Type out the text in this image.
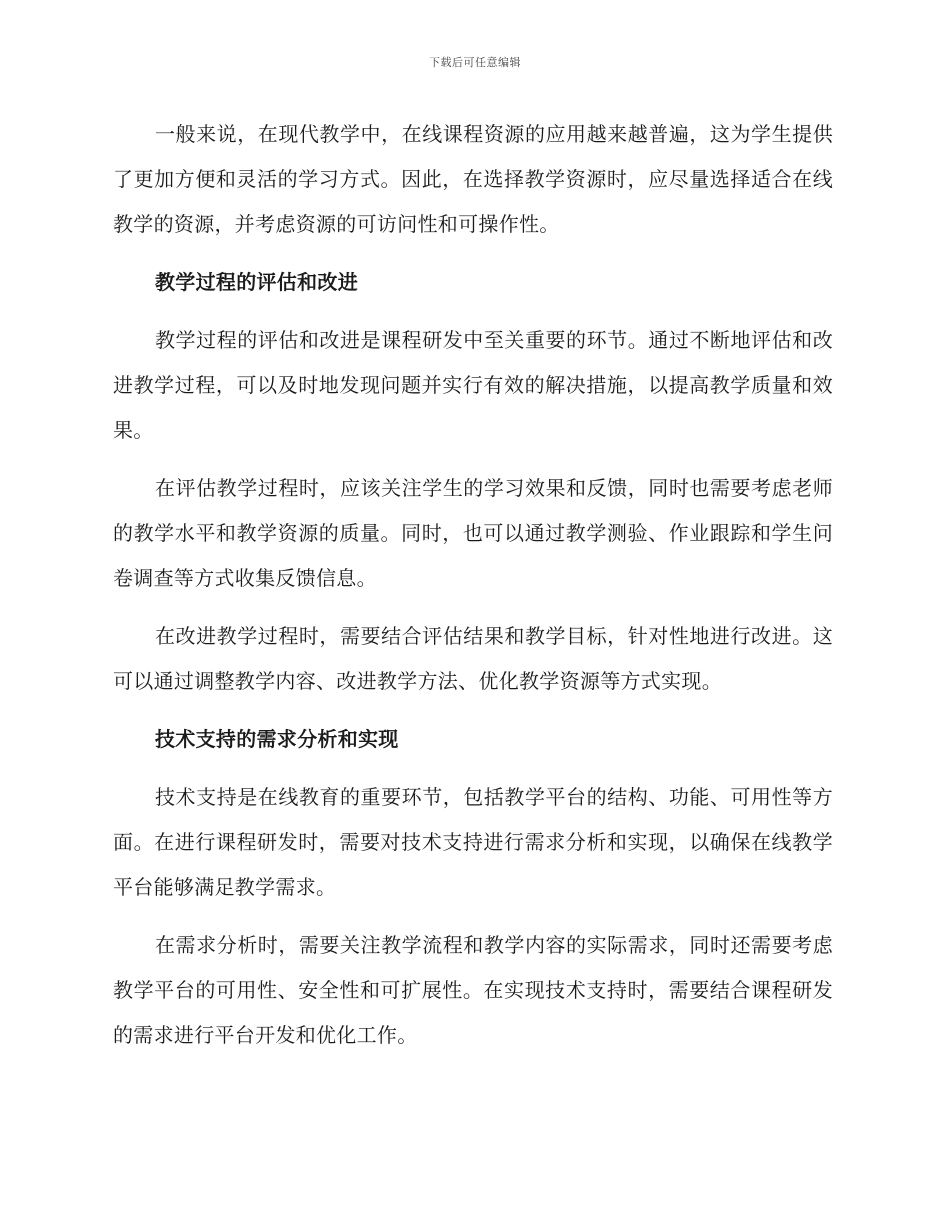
下载后可任意编辑

一般来说，在现代教学中，在线课程资源的应用越来越普遍，这为学生提供了更加方便和灵活的学习方式。因此，在选择教学资源时，应尽量选择适合在线教学的资源，并考虑资源的可访问性和可操作性。

教学过程的评估和改进

教学过程的评估和改进是课程研发中至关重要的环节。通过不断地评估和改进教学过程，可以及时地发现问题并实行有效的解决措施，以提高教学质量和效果。

在评估教学过程时，应该关注学生的学习效果和反馈，同时也需要考虑老师的教学水平和教学资源的质量。同时，也可以通过教学测验、作业跟踪和学生问卷调查等方式收集反馈信息。

在改进教学过程时，需要结合评估结果和教学目标，针对性地进行改进。这可以通过调整教学内容、改进教学方法、优化教学资源等方式实现。

技术支持的需求分析和实现

技术支持是在线教育的重要环节，包括教学平台的结构、功能、可用性等方面。在进行课程研发时，需要对技术支持进行需求分析和实现，以确保在线教学平台能够满足教学需求。

在需求分析时，需要关注教学流程和教学内容的实际需求，同时还需要考虑教学平台的可用性、安全性和可扩展性。在实现技术支持时，需要结合课程研发的需求进行平台开发和优化工作。
